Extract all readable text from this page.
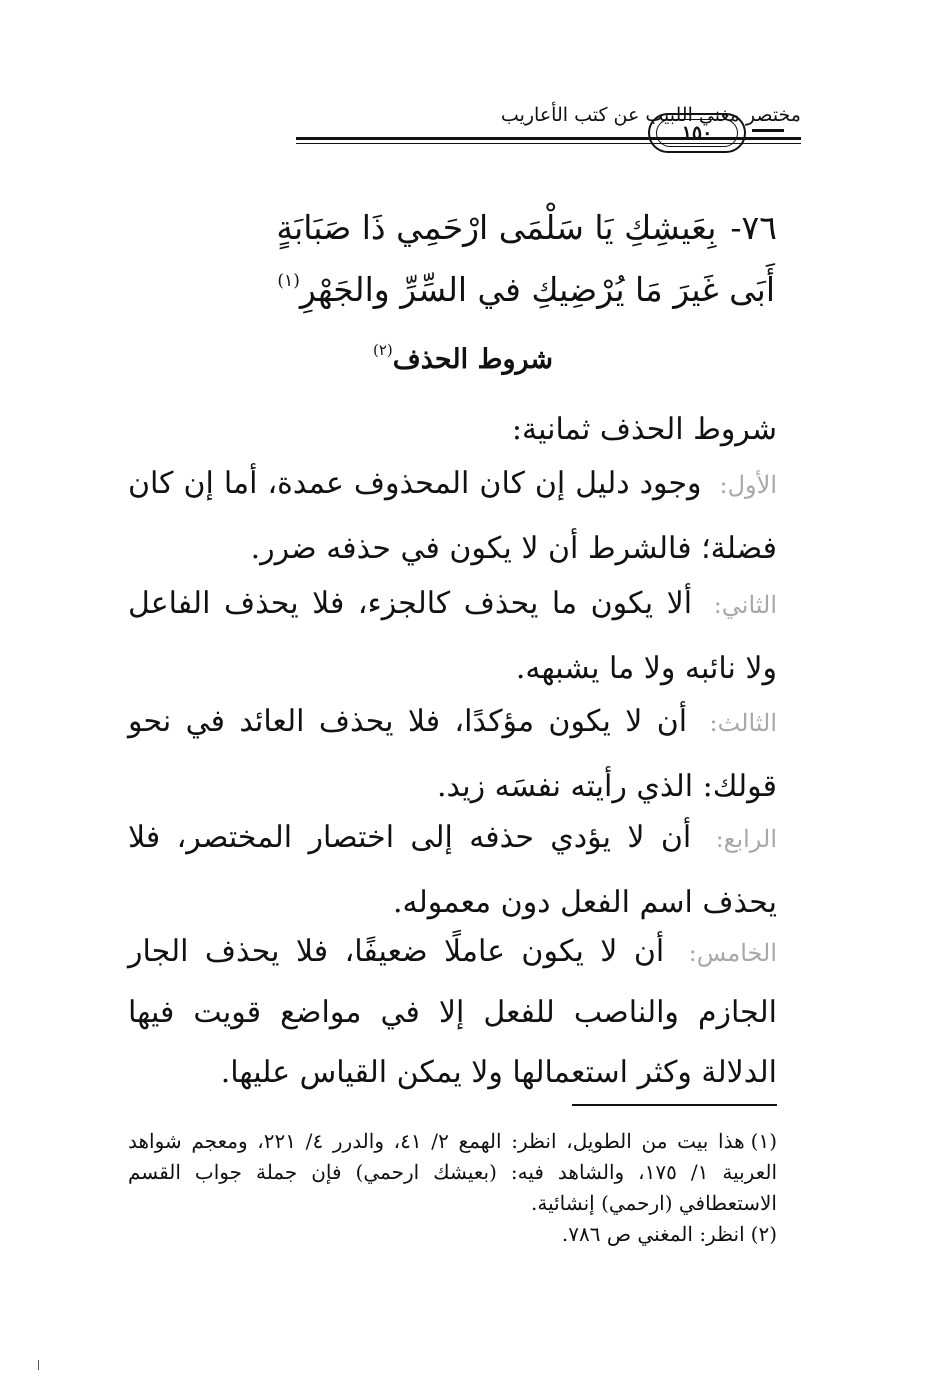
مختصر مغني اللبيب عن كتب الأعاريب
١٥٠
٧٦-بِعَيشِكِ يَا سَلْمَى ارْحَمِي ذَا صَبَابَةٍ
أَبَى غَيرَ مَا يُرْضِيكِ في السِّرِّ والجَهْرِ$^{(١)}$
شروط الحذف$^{(٢)}$
شروط الحذف ثمانية:
الأول: وجود دليل إن كان المحذوف عمدة، أما إن كان فضلة؛ فالشرط أن لا يكون في حذفه ضرر.
الثاني: ألا يكون ما يحذف كالجزء، فلا يحذف الفاعل ولا نائبه ولا ما يشبهه.
الثالث: أن لا يكون مؤكدًا، فلا يحذف العائد في نحو قولك: الذي رأيته نفسَه زيد.
الرابع: أن لا يؤدي حذفه إلى اختصار المختصر، فلا يحذف اسم الفعل دون معموله.
الخامس: أن لا يكون عاملًا ضعيفًا، فلا يحذف الجار الجازم والناصب للفعل إلا في مواضع قويت فيها الدلالة وكثر استعمالها ولا يمكن القياس عليها.

(١)هذا بيت من الطويل، انظر: الهمع ٢/ ٤١، والدرر ٤/ ٢٢١، ومعجم شواهد العربية ١/ ١٧٥، والشاهد فيه: (بعيشك ارحمي) فإن جملة جواب القسم الاستعطافي (ارحمي) إنشائية.

(٢)انظر: المغني ص ٧٨٦.
